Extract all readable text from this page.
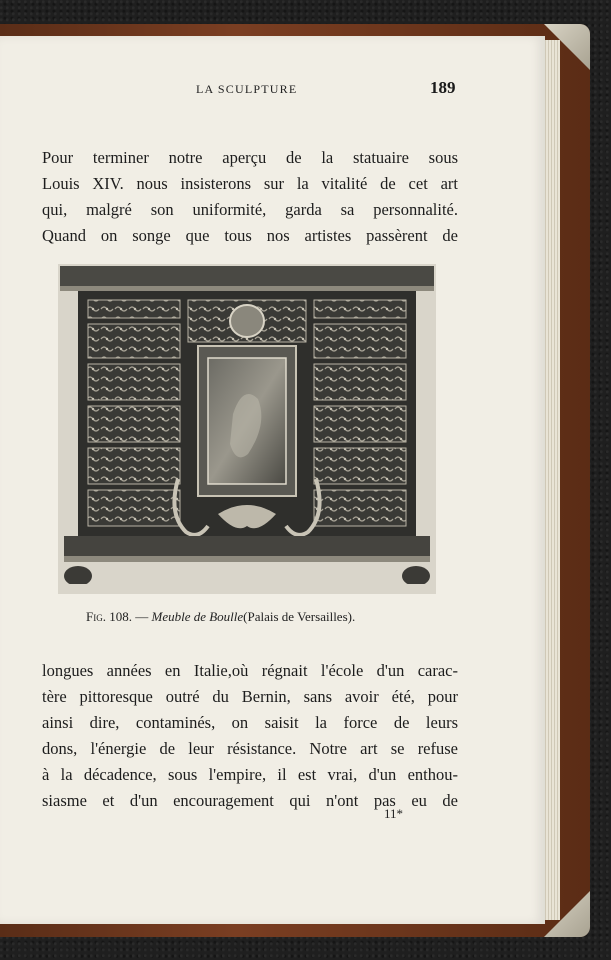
LA SCULPTURE	189
Pour terminer notre aperçu de la statuaire sous
Louis XIV. nous insisterons sur la vitalité de cet art
qui, malgré son uniformité, garda sa personnalité.
Quand on songe que tous nos artistes passèrent de
Fig. 108. — Meuble de Boulle(Palais de Versailles).
longues années en Italie,où régnait l'école d'un carac-
tère pittoresque outré du Bernin, sans avoir été, pour
ainsi dire, contaminés, on saisit la force de leurs
dons, l'énergie de leur résistance. Notre art se refuse
à la décadence, sous l'empire, il est vrai, d'un enthou-
siasme et d'un encouragement qui n'ont pas eu de
11*
